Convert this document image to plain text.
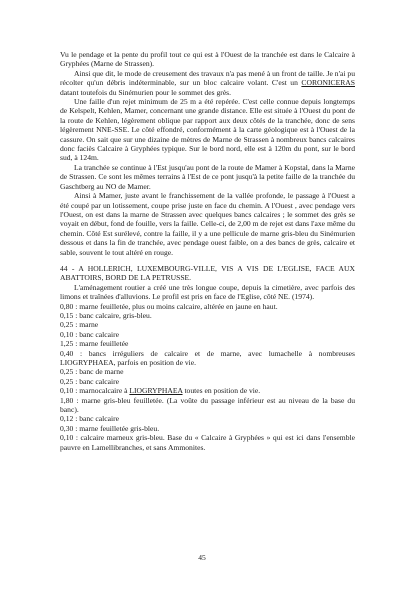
Vu le pendage et la pente du profil tout ce qui est à l'Ouest de la tranchée est dans le Calcaire à Gryphées (Marne de Strassen).

Ainsi que dit, le mode de creusement des travaux n'a pas mené à un front de taille. Je n'ai pu récolter qu'un débris indéterminable, sur un bloc calcaire volant. C'est un CORONICERAS datant toutefois du Sinémurien pour le sommet des grès.

Une faille d'un rejet minimum de 25 m a été repérée. C'est celle connue depuis longtemps de Kelspelt, Kehlen, Mamer, concernant une grande distance. Elle est située à l'Ouest du pont de la route de Kehlen, légèrement oblique par rapport aux deux côtés de la tranchée, donc de sens légèrement NNE-SSE. Le côté effondré, conformément à la carte géologique est à l'Ouest de la cassure. On sait que sur une dizaine de mètres de Marne de Strassen à nombreux bancs calcaires donc faciès Calcaire à Gryphées typique. Sur le bord nord, elle est à 120m du pont, sur le bord sud, à 124m.

La tranchée se continue à l'Est jusqu'au pont de la route de Mamer à Kopstal, dans la Marne de Strassen. Ce sont les mêmes terrains à l'Est de ce pont jusqu'à la petite faille de la tranchée du Gaschtberg au NO de Mamer.

Ainsi à Mamer, juste avant le franchissement de la vallée profonde, le passage à l'Ouest a été coupé par un lotissement, coupe prise juste en face du chemin. A l'Ouest , avec pendage vers l'Ouest, on est dans la marne de Strassen avec quelques bancs calcaires ; le sommet des grès se voyait en début, fond de fouille, vers la faille. Celle-ci, de 2,00 m de rejet est dans l'axe même du chemin. Côté Est surélevé, contre la faille, il y a une pellicule de marne gris-bleu du Sinémurien dessous et dans la fin de tranchée, avec pendage ouest faible, on a des bancs de grès, calcaire et sable, souvent le tout altéré en rouge.

44 - A HOLLERICH, LUXEMBOURG-VILLE, VIS A VIS DE L'EGLISE, FACE AUX ABATTOIRS, BORD DE LA PETRUSSE.

L'aménagement routier a créé une très longue coupe, depuis la cimetière, avec parfois des limons et traînées d'alluvions. Le profil est pris en face de l'Eglise, côté NE. (1974).

0,80 : marne feuilletée, plus ou moins calcaire, altérée en jaune en haut.

0,15 : banc calcaire, gris-bleu.

0,25 : marne

0,10 : banc calcaire

1,25 : marne feuilletée

0,40 : bancs irréguliers de calcaire et de marne, avec lumachelle à nombreuses LIOGRYPHAEA, parfois en position de vie.

0,25 : banc de marne

0,25 : banc calcaire

0,10 : marnocalcaire à LIOGRYPHAEA toutes en position de vie.

1,80 : marne gris-bleu feuilletée. (La voûte du passage inférieur est au niveau de la base du banc).

0,12 : banc calcaire

0,30 : marne feuilletée gris-bleu.

0,10 : calcaire marneux gris-bleu. Base du « Calcaire à Gryphées » qui est ici dans l'ensemble pauvre en Lamellibranches, et sans Ammonites.

45
